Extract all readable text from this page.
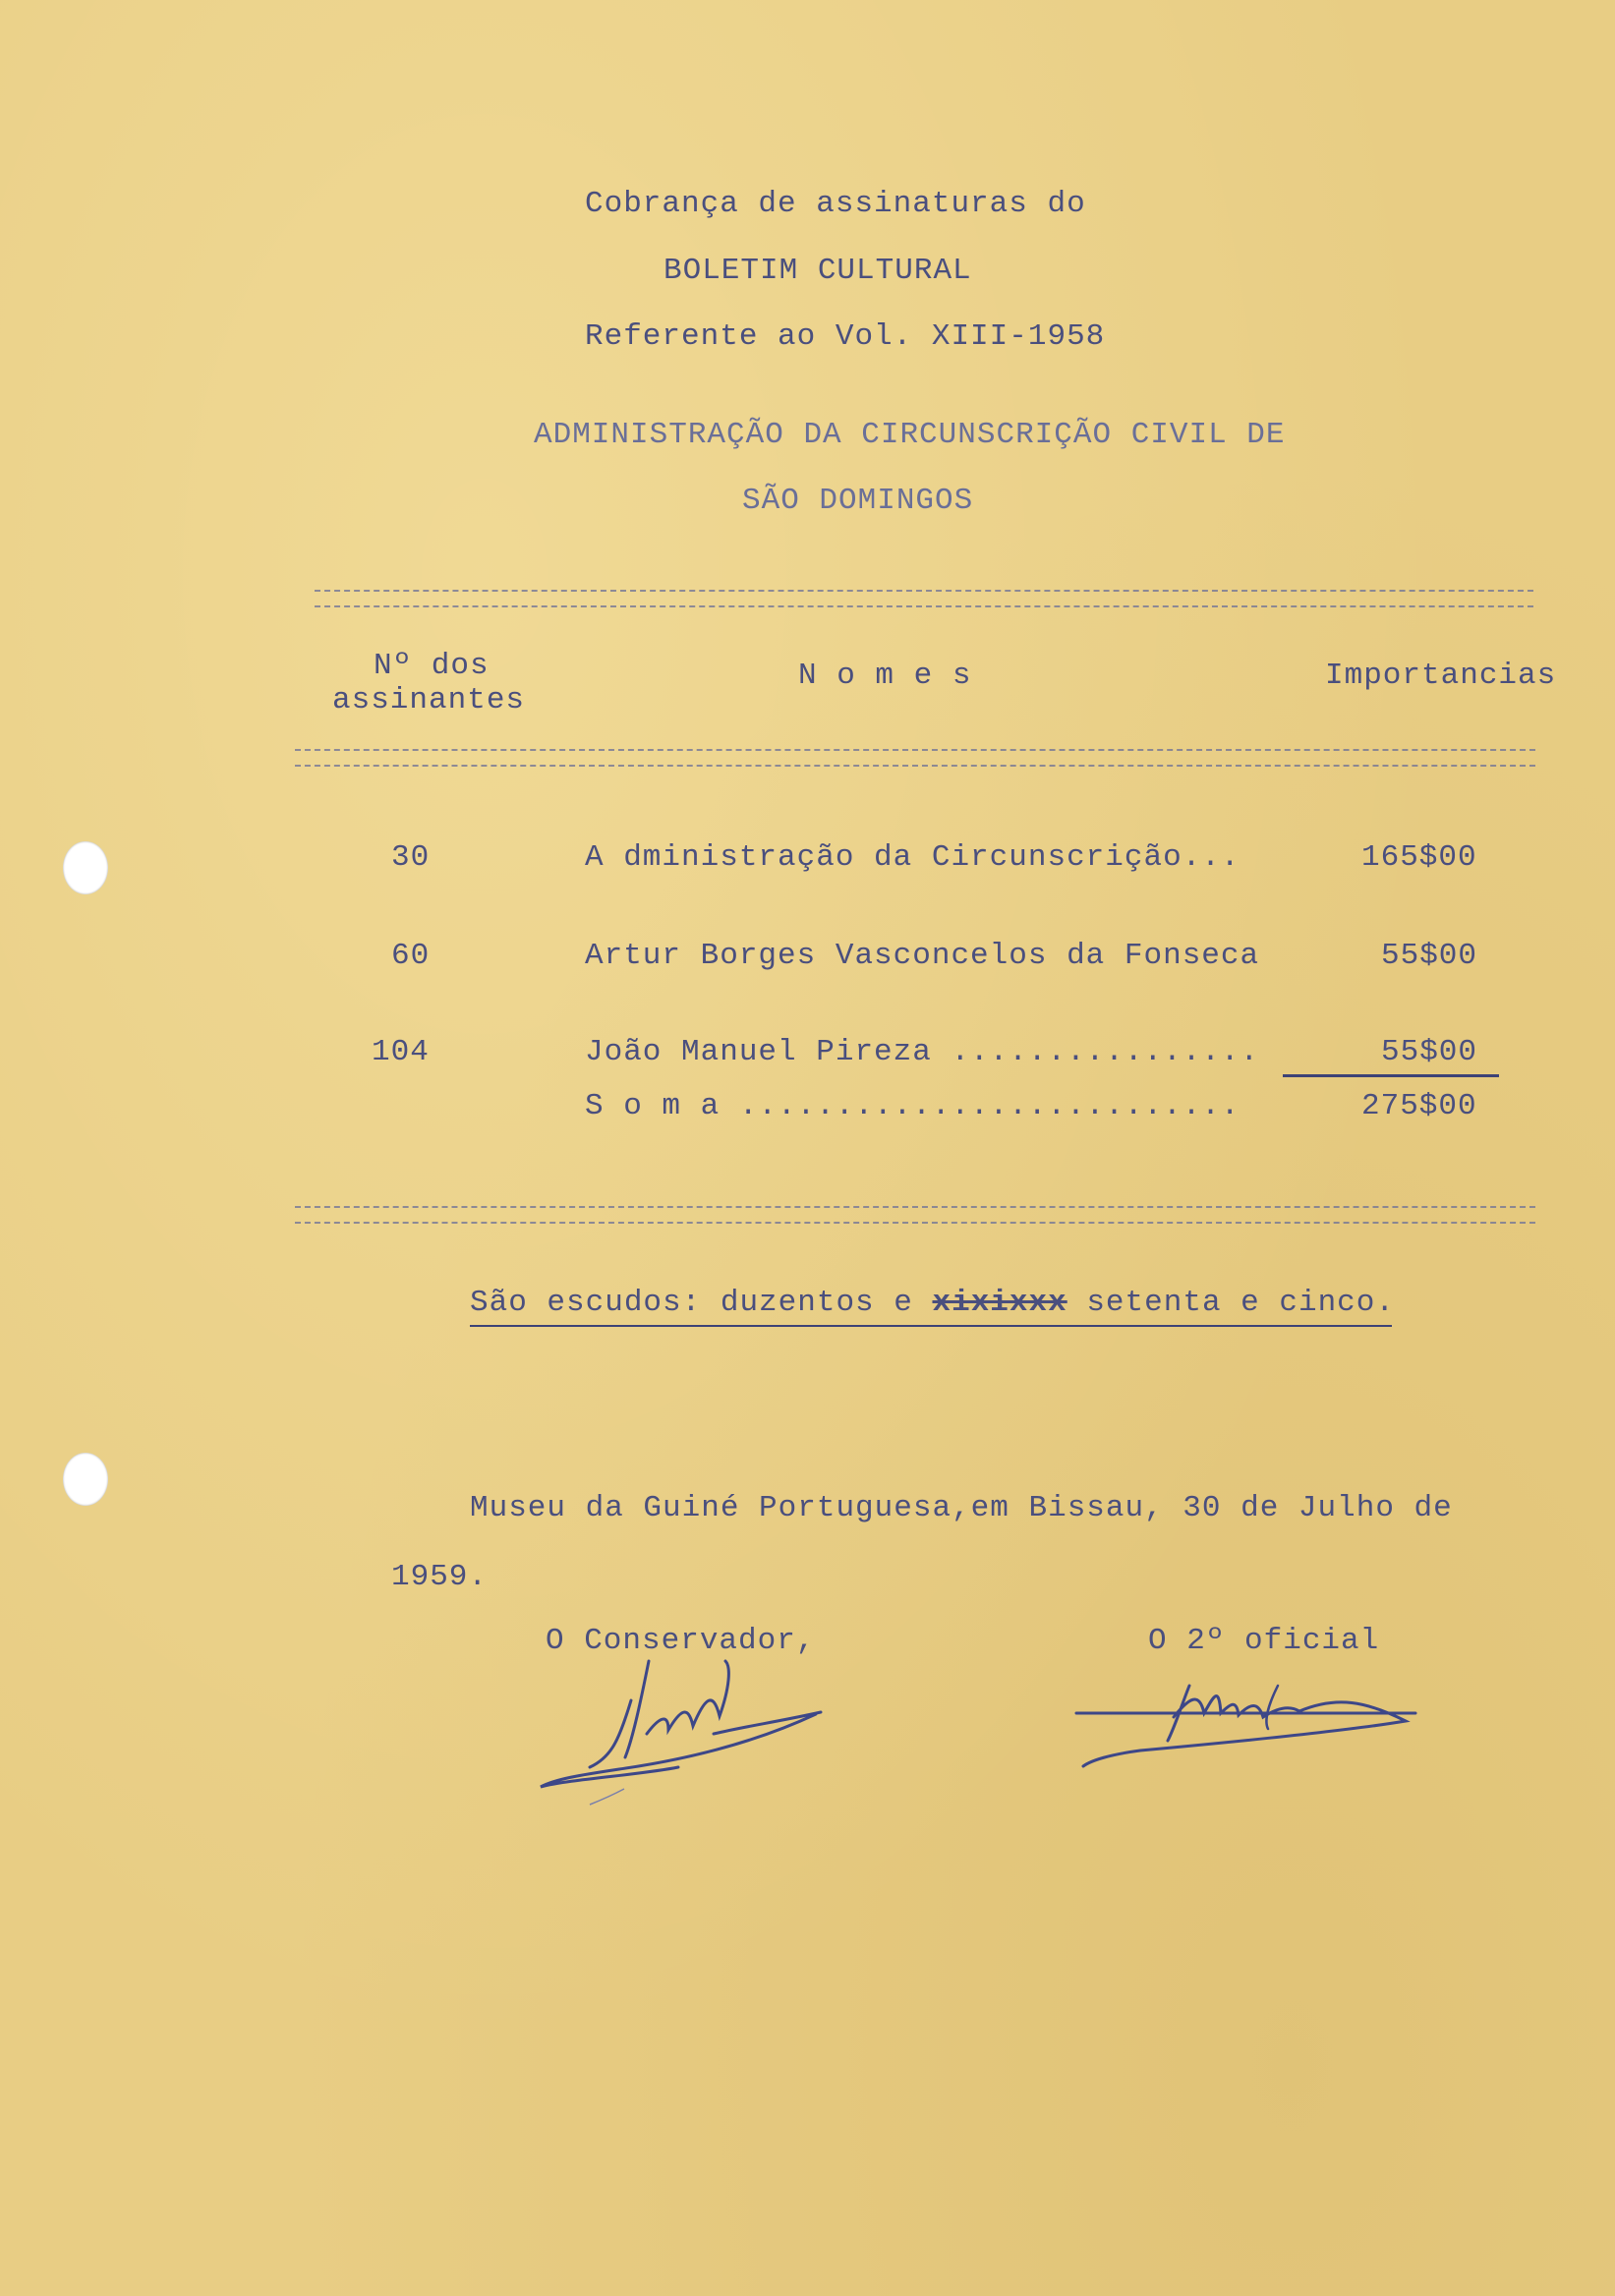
Cobrança de assinaturas do
BOLETIM CULTURAL
Referente ao Vol. XIII-1958
ADMINISTRAÇÃO DA CIRCUNSCRIÇÃO CIVIL DE
SÃO DOMINGOS
Nº dos
assinantes
N o m e s	Importancias
30	A dministração da Circunscrição...	165$00
60	Artur Borges Vasconcelos da Fonseca	55$00
104	João Manuel Pireza ................	55$00
S o m a ..........................	275$00
São escudos: duzentos e xixixxx setenta e cinco.
Museu da Guiné Portuguesa,em Bissau, 30 de Julho de
1959.
O Conservador,	O 2º oficial
